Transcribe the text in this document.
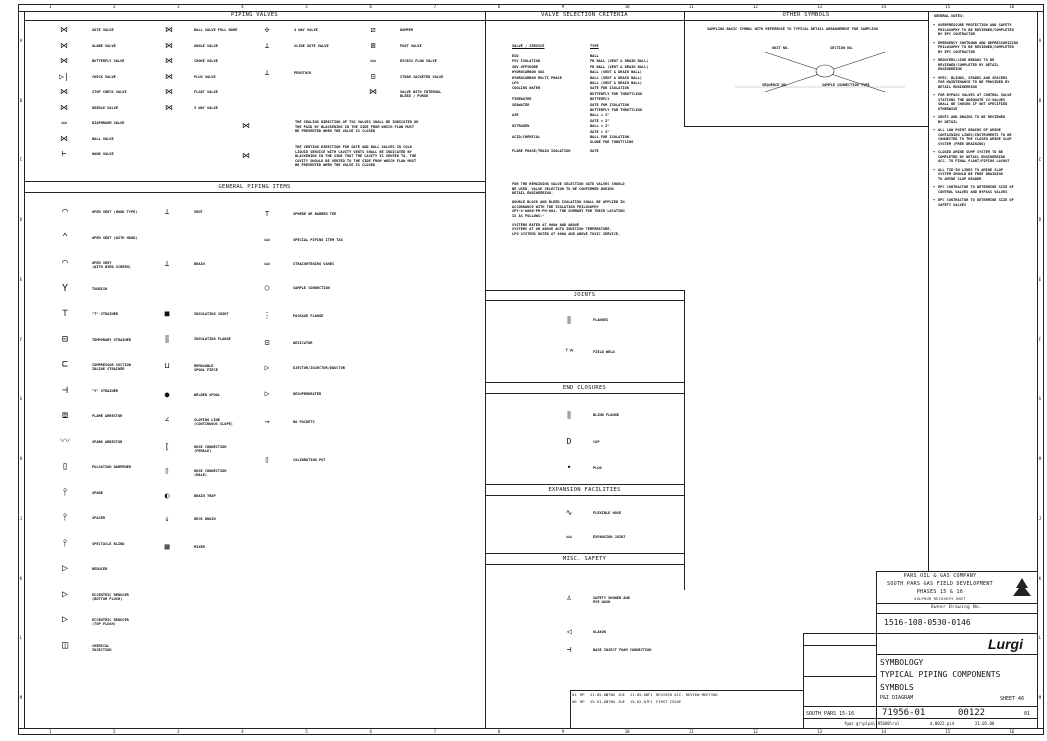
PIPING VALVES	VALVE SELECTION CRITERIA	OTHER SYMBOLS
GENERAL PIPING ITEMS
JOINTS
END CLOSURES
EXPANSION FACILITIES
MISC. SAFETY
GENERAL NOTES:
THE SEALING DIRECTION OF TSO VALVES SHALL BE INDICATED ON
THE P&ID BY BLACKENING IN THE SIDE FROM WHICH FLOW MUST
BE PREVENTED WHEN THE VALVE IS CLOSED
THE VENTING DIRECTION FOR GATE AND BALL VALVES IN COLD
LIQUID SERVICE WITH CAVITY VENTS SHALL BE INDICATED BY
BLACKENING IN THE SIDE THAT THE CAVITY IS VENTED TO. THE
CAVITY SHOULD BE VENTED TO THE SIDE FROM WHICH FLOW MUST
BE PREVENTED WHEN THE VALVE IS CLOSED
⋈
⋈
FOR THE REMAINING VALVE SELECTION GATE VALVES SHOULD
BE USED. VALVE SELECTION TO BE CONFIRMED DURING
DETAIL ENGINEERING.

DOUBLE BLOCK AND BLEED ISOLATION SHALL BE APPLIED IN
ACCORDANCE WITH THE ISOLATION PHILOSOPHY
SPY-X-0000-PR-PH-001. THE SUMMARY FOR THEIR LOCATION
IS AS FOLLOWS:-

SYSTEMS RATED AT 900# AND ABOVE
SYSTEMS AT OR ABOVE AUTO IGNITION TEMPERATURE.
LPG SYSTEMS RATED AT 600# AND ABOVE TOXIC SERVICE.
SAMPLING BASIC SYMBOL WITH REFERENCE TO TYPICAL DETAIL ARRANGEMENT FOR SAMPLING
UNIT NO.	SECTION NO.
SEQUENCE NO.	SAMPLE CONNECTION TYPE
PARS OIL & GAS COMPANY
SOUTH PARS GAS FIELD DEVELOPMENT
PHASES 15 & 16
SULPHUR RECOVERY UNIT
Owner Drawing No.
1516-108-0530-0146
Lurgi
SYMBOLOGY
TYPICAL PIPING COMPONENTS
SYMBOLS
P&I DIAGRAM	SHEET 46
SOUTH PARS 15-16	71956-01	00122	01
fgas gr\plpa\195600\rul	d.0022.pid	21.05.08
1
1
2
2
3
3
4
4
5
5
6
6
7
7
8
8
9
9
10
10
11
11
12
12
13
13
14
14
15
15
16
16
A	A
B	B
C	C
D	D
E	E
F	F
G	G
H	H
J	J
K	K
L	L
M	M
⋈	GATE VALVE
⋈	GLOBE VALVE
⋈	BUTTERFLY VALVE
▷|	CHECK VALVE
⋈	STOP CHECK VALVE
⋈	NEEDLE VALVE
▭	DIAPHRAGM VALVE
⋈	BALL VALVE
⊢	HAND VALVE
⋈	BALL VALVE FULL BORE
⋈	ANGLE VALVE
⋈	CHOKE VALVE
⋈	PLUG VALVE
⋈	FLOAT VALVE
⋈	3 WAY VALVE
✣	4 WAY VALVE
⊥	SLIDE GATE VALVE
⊥	PENSTOCK
⧄	DAMPER
⊠	FOOT VALVE
▭	EXCESS FLOW VALVE
⊡	STEAM JACKETED VALVE
⋈	VALVE WITH INTERNAL
BLEED / PURGE
VALVE / SERVICE	TYPE
ESD	BALL
PSV ISOLATION	FB BALL (VENT & DRAIN BALL)
SDV OFFSHORE	FB BALL (VENT & DRAIN BALL)
HYDROCARBON GAS	BALL (VENT & DRAIN BALL)
HYDROCARBON MULTI PHASE	BALL (VENT & DRAIN BALL)
LPG	BALL (VENT & DRAIN BALL)
COOLING WATER	GATE FOR ISOLATION
BUTTERFLY FOR THROTTLING
FIREWATER	BUTTERFLY
SEAWATER	GATE FOR ISOLATION
BUTTERFLY FOR THROTTLING
AIR	BALL < 2"
GATE > 2"
NITROGEN	BALL < 2"
GATE > 2"
ACID/CHEMICAL	BALL FOR ISOLATION
GLOBE FOR THROTTLING
FLARE PHASE/TRAIN ISOLATION	GATE
⌒	OPEN VENT (HOOK TYPE)
⌃	OPEN VENT (WITH HOOD)
⌒	OPEN VENT
(WITH BIRD SCREEN)
Y	TUNDISH
⊤	"T" STRAINER
⊟	TEMPORARY STRAINER
⊏	COMPRESSOR SUCTION
INLINE STRAINER
⊣	"Y" STRAINER
⧈	FLAME ARRESTOR
〰	SPARK ARRESTOR
▯	PULSATION DAMPENER
⫯	SPADE
⫯	SPACER
⫯	SPECTACLE BLIND
▷	REDUCER
▷	ECCENTRIC REDUCER
(BOTTOM FLUSH)
▷	ECCENTRIC REDUCER
(TOP FLUSH)
◫	CHEMICAL
INJECTION
⊥	VENT
⊥	DRAIN
■	INSULATING JOINT
‖	INSULATING FLANGE
⊔	REMOVABLE
SPOOL PIECE
●	WELDED SPOOL
∠	SLOPING LINE
(CONTINUOUS SLOPE)
[	HOSE CONNECTION
(FEMALE)
▯	HOSE CONNECTION
(MALE)
◐	DRAIN TRAP
↓	DECK DRAIN
▦	MIXER
⊤	SPHERE OR BARRED TEE
▭	SPECIAL PIPING ITEM TAG
▭	STRAIGHTENING VANES
○	SAMPLE CONNECTION
⋮	PACKAGE FLANGE
⊡	DESICATOR
▷	EJECTOR/INJECTOR/EDUCTOR
▷	DESUPERHEATER
→	NO POCKETS
▯	CALIBRATION POT
‖	FLANGES
ᶠʷ	FIELD WELD
‖	BLIND FLANGE
D	CAP
•	PLUG
∿	FLEXIBLE HOSE
▭	EXPANSION JOINT
♙	SAFETY SHOWER AND
EYE WASH
◁	KLAXON
⊣	BASE INJECT FOAM CONNECTION
• OVERPRESSURE PROTECTION AND SAFETY
PHILOSOPHY TO BE REVIEWED/COMPLETED
BY EPC CONTRACTOR
• EMERGENCY SHUTDOWN AND DEPRESSURIZING
PHILOSOPHY TO BE REVIEWED/COMPLETED
BY EPC CONTRACTOR
• REDUCERS/LINE BREAKS TO BE
REVIEWED/COMPLETED BY DETAIL
ENGINEERING
• SPEC. BLINDS, SPADES AND SPACERS
FOR MAINTENANCE TO BE PROVIDED BY
DETAIL ENGINEERING
• FOR BYPASS VALVES AT CONTROL VALVE
STATIONS THE ADEQUATE CV-VALUES
SHALL BE CHOSEN IF NOT SPECIFIED
OTHERWISE
• VENTS AND DRAINS TO BE REVIEWED
BY DETAIL
• ALL LOW POINT DRAINS OF AMINE
CONTAINING LINES/INSTRUMENTS TO BE
CONNECTED TO THE CLOSED AMINE SLOP
SYSTEM (FREE DRAINING)
• CLOSED AMINE SUMP SYSTEM TO BE
COMPLETED BY DETAIL ENGINEERING
ACC. TO FINAL PLANT/PIPING LAYOUT
• ALL TIE-IN LINES TO AMINE SLOP
SYSTEM SHOULD BE FREE DRAINING
TO AMINE SLOP HEADER
• EPC CONTRACTOR TO DETERMINE SIZE OF
CONTROL VALVES AND BYPASS VALVES
• EPC CONTRACTOR TO DETERMINE SIZE OF
SAFETY VALVES
01 RP 21.05.08
STNS JUE 21.05.08 F1 REVISED ACC. REVIEW MEETING
00 RP 25.01.07
STNS JUE 15.02.07 F1 FIRST ISSUE
